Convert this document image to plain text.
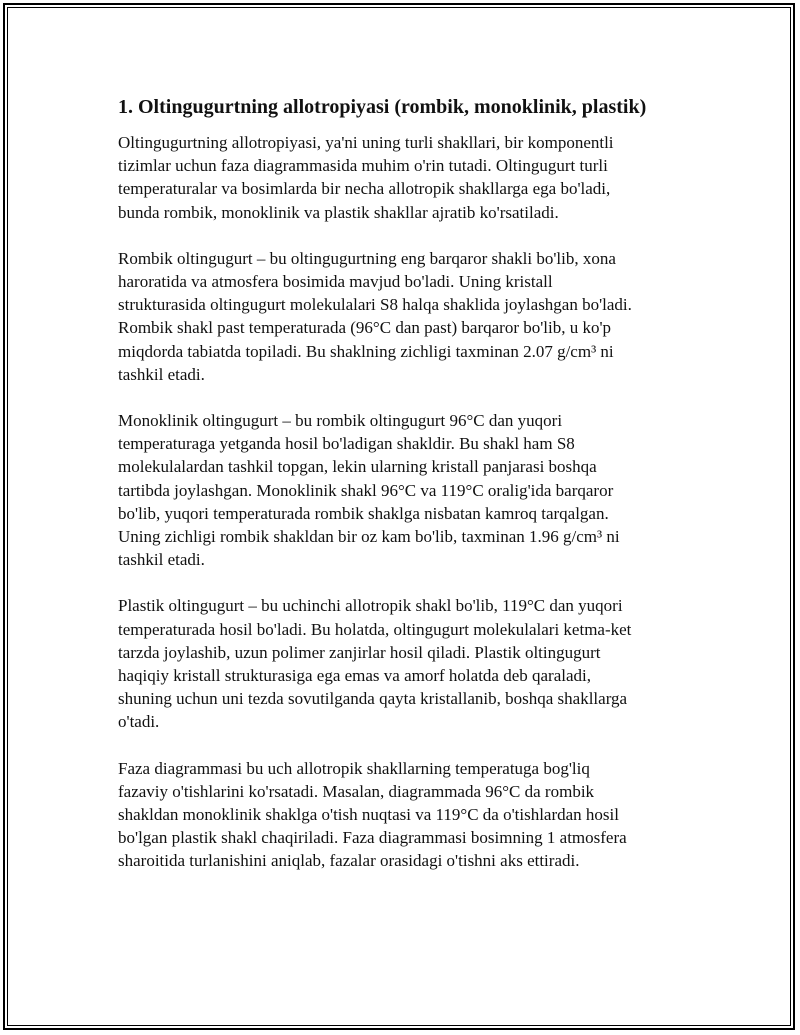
1. Oltingugurtning allotropiyasi (rombik, monoklinik, plastik)

Oltingugurtning allotropiyasi, ya'ni uning turli shakllari, bir komponentli
tizimlar uchun faza diagrammasida muhim o'rin tutadi. Oltingugurt turli
temperaturalar va bosimlarda bir necha allotropik shakllarga ega bo'ladi,
bunda rombik, monoklinik va plastik shakllar ajratib ko'rsatiladi.

Rombik oltingugurt – bu oltingugurtning eng barqaror shakli bo'lib, xona
haroratida va atmosfera bosimida mavjud bo'ladi. Uning kristall
strukturasida oltingugurt molekulalari S8 halqa shaklida joylashgan bo'ladi.
Rombik shakl past temperaturada (96°C dan past) barqaror bo'lib, u ko'p
miqdorda tabiatda topiladi. Bu shaklning zichligi taxminan 2.07 g/cm³ ni
tashkil etadi.

Monoklinik oltingugurt – bu rombik oltingugurt 96°C dan yuqori
temperaturaga yetganda hosil bo'ladigan shakldir. Bu shakl ham S8
molekulalardan tashkil topgan, lekin ularning kristall panjarasi boshqa
tartibda joylashgan. Monoklinik shakl 96°C va 119°C oralig'ida barqaror
bo'lib, yuqori temperaturada rombik shaklga nisbatan kamroq tarqalgan.
Uning zichligi rombik shakldan bir oz kam bo'lib, taxminan 1.96 g/cm³ ni
tashkil etadi.

Plastik oltingugurt – bu uchinchi allotropik shakl bo'lib, 119°C dan yuqori
temperaturada hosil bo'ladi. Bu holatda, oltingugurt molekulalari ketma-ket
tarzda joylashib, uzun polimer zanjirlar hosil qiladi. Plastik oltingugurt
haqiqiy kristall strukturasiga ega emas va amorf holatda deb qaraladi,
shuning uchun uni tezda sovutilganda qayta kristallanib, boshqa shakllarga
o'tadi.

Faza diagrammasi bu uch allotropik shakllarning temperatuga bog'liq
fazaviy o'tishlarini ko'rsatadi. Masalan, diagrammada 96°C da rombik
shakldan monoklinik shaklga o'tish nuqtasi va 119°C da o'tishlardan hosil
bo'lgan plastik shakl chaqiriladi. Faza diagrammasi bosimning 1 atmosfera
sharoitida turlanishini aniqlab, fazalar orasidagi o'tishni aks ettiradi.
